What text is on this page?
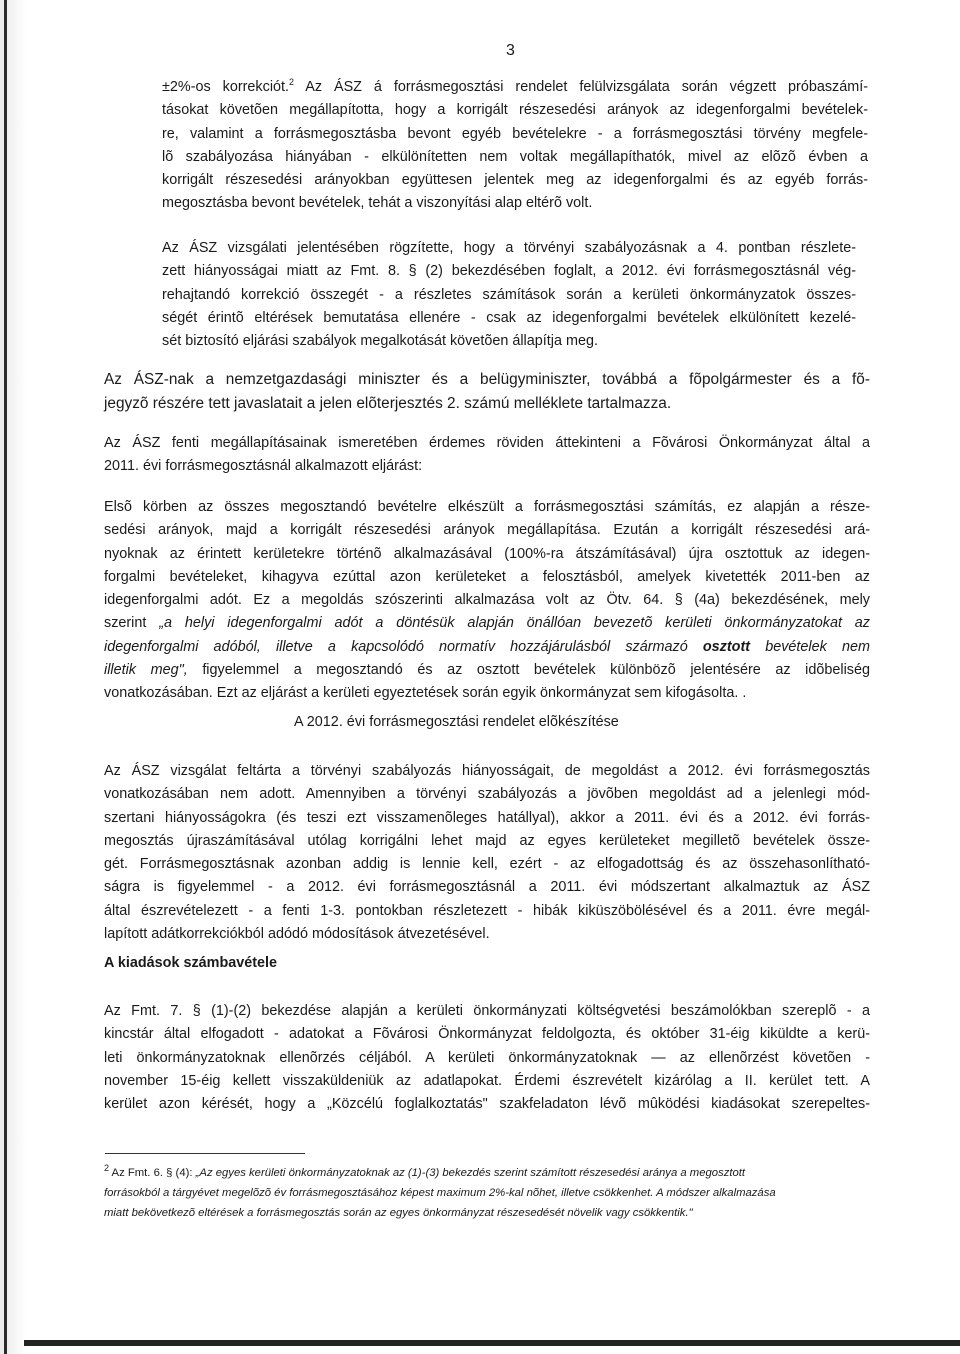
3
±2%-os korrekciót.$^2$ Az ÁSZ á forrásmegosztási rendelet felülvizsgálata során végzett próbaszámí-
tásokat követõen megállapította, hogy a korrigált részesedési arányok az idegenforgalmi bevételek-
re, valamint a forrásmegosztásba bevont egyéb bevételekre - a forrásmegosztási törvény megfele-
lõ szabályozása hiányában - elkülönítetten nem voltak megállapíthatók, mivel az elõzõ évben a
korrigált részesedési arányokban együttesen jelentek meg az idegenforgalmi és az egyéb forrás-
megosztásba bevont bevételek, tehát a viszonyítási alap eltérõ volt.
Az ÁSZ vizsgálati jelentésében rögzítette, hogy a törvényi szabályozásnak a 4. pontban részlete-
zett hiányosságai miatt az Fmt. 8. § (2) bekezdésében foglalt, a 2012. évi forrásmegosztásnál vég-
rehajtandó korrekció összegét - a részletes számítások során a kerületi önkormányzatok összes-
ségét érintõ eltérések bemutatása ellenére - csak az idegenforgalmi bevételek elkülönített kezelé-
sét biztosító eljárási szabályok megalkotását követõen állapítja meg.
Az ÁSZ-nak a nemzetgazdasági miniszter és a belügyminiszter, továbbá a fõpolgármester és a fõ-
jegyzõ részére tett javaslatait a jelen elõterjesztés 2. számú melléklete tartalmazza.
Az ÁSZ fenti megállapításainak ismeretében érdemes röviden áttekinteni a Fõvárosi Önkormányzat által a
2011. évi forrásmegosztásnál alkalmazott eljárást:
Elsõ körben az összes megosztandó bevételre elkészült a forrásmegosztási számítás, ez alapján a része-
sedési arányok, majd a korrigált részesedési arányok megállapítása. Ezután a korrigált részesedési ará-
nyoknak az érintett kerületekre történõ alkalmazásával (100%-ra átszámításával) újra osztottuk az idegen-
forgalmi bevételeket, kihagyva ezúttal azon kerületeket a felosztásból, amelyek kivetették 2011-ben az
idegenforgalmi adót. Ez a megoldás szószerinti alkalmazása volt az Ötv. 64. § (4a) bekezdésének, mely
szerint „a helyi idegenforgalmi adót a döntésük alapján önállóan bevezetõ kerületi önkormányzatokat az
idegenforgalmi adóból, illetve a kapcsolódó normatív hozzájárulásból származó osztott bevételek nem
illetik meg", figyelemmel a megosztandó és az osztott bevételek különbözõ jelentésére az idõbeliség
vonatkozásában. Ezt az eljárást a kerületi egyeztetések során egyik önkormányzat sem kifogásolta. .
A 2012. évi forrásmegosztási rendelet elõkészítése
Az ÁSZ vizsgálat feltárta a törvényi szabályozás hiányosságait, de megoldást a 2012. évi forrásmegosztás
vonatkozásában nem adott. Amennyiben a törvényi szabályozás a jövõben megoldást ad a jelenlegi mód-
szertani hiányosságokra (és teszi ezt visszamenõleges hatállyal), akkor a 2011. évi és a 2012. évi forrás-
megosztás újraszámításával utólag korrigálni lehet majd az egyes kerületeket megilletõ bevételek össze-
gét. Forrásmegosztásnak azonban addig is lennie kell, ezért - az elfogadottság és az összehasonlítható-
ságra is figyelemmel - a 2012. évi forrásmegosztásnál a 2011. évi módszertant alkalmaztuk az ÁSZ
által észrevételezett - a fenti 1-3. pontokban részletezett - hibák kiküszöbölésével és a 2011. évre megál-
lapított adátkorrekciókból adódó módosítások átvezetésével.
A kiadások számbavétele
Az Fmt. 7. § (1)-(2) bekezdése alapján a kerületi önkormányzati költségvetési beszámolókban szereplõ - a
kincstár által elfogadott - adatokat a Fõvárosi Önkormányzat feldolgozta, és október 31-éig kiküldte a kerü-
leti önkormányzatoknak ellenõrzés céljából. A kerületi önkormányzatoknak — az ellenõrzést követõen -
november 15-éig kellett visszaküldeniük az adatlapokat. Érdemi észrevételt kizárólag a II. kerület tett. A
kerület azon kérését, hogy a „Közcélú foglalkoztatás" szakfeladaton lévõ mûködési kiadásokat szerepeltes-
$^2$ Az Fmt. 6. § (4): „Az egyes kerületi önkormányzatoknak az (1)-(3) bekezdés szerint számított részesedési aránya a megosztott
forrásokból a tárgyévet megelõzõ év forrásmegosztásához képest maximum 2%-kal nõhet, illetve csökkenhet. A módszer alkalmazása
miatt bekövetkezõ eltérések a forrásmegosztás során az egyes önkormányzat részesedését növelik vagy csökkentik."
